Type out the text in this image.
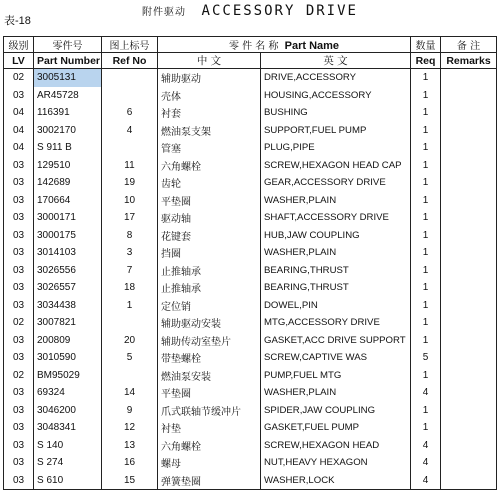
表-18
附件驱动 ACCESSORY DRIVE
级别	零件号	图上标号	零 件 名 称 Part Name		数量	备 注
LV	Part Number	Ref No	中 文	英 文	Req	Remarks
02	3005131		辅助驱动	DRIVE,ACCESSORY	1	
03	AR45728		壳体	HOUSING,ACCESSORY	1	
04	116391	6	衬套	BUSHING	1	
04	3002170	4	燃油泵支架	SUPPORT,FUEL PUMP	1	
04	S 911 B		管塞	PLUG,PIPE	1	
03	129510	11	六角螺栓	SCREW,HEXAGON HEAD CAP	1	
03	142689	19	齿轮	GEAR,ACCESSORY DRIVE	1	
03	170664	10	平垫圈	WASHER,PLAIN	1	
03	3000171	17	驱动轴	SHAFT,ACCESSORY DRIVE	1	
03	3000175	8	花键套	HUB,JAW COUPLING	1	
03	3014103	3	挡圈	WASHER,PLAIN	1	
03	3026556	7	止推轴承	BEARING,THRUST	1	
03	3026557	18	止推轴承	BEARING,THRUST	1	
03	3034438	1	定位销	DOWEL,PIN	1	
02	3007821		辅助驱动安装	MTG,ACCESSORY DRIVE	1	
03	200809	20	辅助传动室垫片	GASKET,ACC DRIVE SUPPORT	1	
03	3010590	5	带垫螺栓	SCREW,CAPTIVE WAS	5	
02	BM95029		燃油泵安装	PUMP,FUEL MTG	1	
03	69324	14	平垫圈	WASHER,PLAIN	4	
03	3046200	9	爪式联轴节缓冲片	SPIDER,JAW COUPLING	1	
03	3048341	12	衬垫	GASKET,FUEL PUMP	1	
03	S 140	13	六角螺栓	SCREW,HEXAGON HEAD	4	
03	S 274	16	螺母	NUT,HEAVY HEXAGON	4	
03	S 610	15	弹簧垫圈	WASHER,LOCK	4	
